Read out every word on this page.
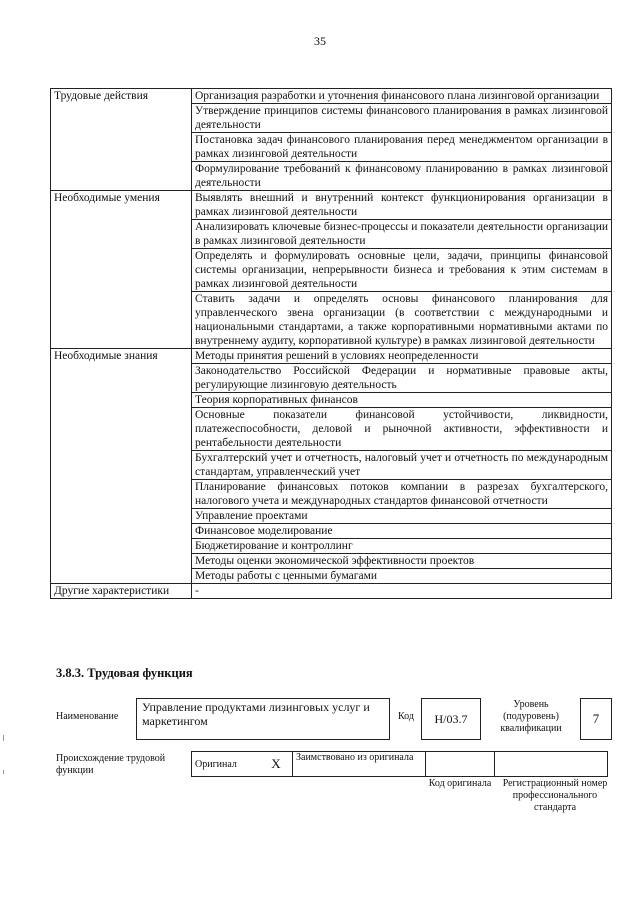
35
Трудовые действия	Организация разработки и уточнения финансового плана лизинговой организации
	Утверждение принципов системы финансового планирования в рамках лизинговой деятельности
	Постановка задач финансового планирования перед менеджментом организации в рамках лизинговой деятельности
	Формулирование требований к финансовому планированию в рамках лизинговой деятельности
Необходимые умения	Выявлять внешний и внутренний контекст функционирования организации в рамках лизинговой деятельности
	Анализировать ключевые бизнес-процессы и показатели деятельности организации в рамках лизинговой деятельности
	Определять и формулировать основные цели, задачи, принципы финансовой системы организации, непрерывности бизнеса и требования к этим системам в рамках лизинговой деятельности
	Ставить задачи и определять основы финансового планирования для управленческого звена организации (в соответствии с международными и национальными стандартами, а также корпоративными нормативными актами по внутреннему аудиту, корпоративной культуре) в рамках лизинговой деятельности
Необходимые знания	Методы принятия решений в условиях неопределенности
	Законодательство Российской Федерации и нормативные правовые акты, регулирующие лизинговую деятельность
	Теория корпоративных финансов
	Основные показатели финансовой устойчивости, ликвидности, платежеспособности, деловой и рыночной активности, эффективности и рентабельности деятельности
	Бухгалтерский учет и отчетность, налоговый учет и отчетность по международным стандартам, управленческий учет
	Планирование финансовых потоков компании в разрезах бухгалтерского, налогового учета и международных стандартов финансовой отчетности
	Управление проектами
	Финансовое моделирование
	Бюджетирование и контроллинг
	Методы оценки экономической эффективности проектов
	Методы работы с ценными бумагами
Другие характеристики	-
3.8.3. Трудовая функция
Наименование
Управление продуктами лизинговых услуг и маркетингом	Код	H/03.7
Уровень (подуровень) квалификации
7
Происхождение трудовой функции
Оригинал	X	Заимствовано из оригинала		
Код оригинала	Регистрационный номер профессионального стандарта
